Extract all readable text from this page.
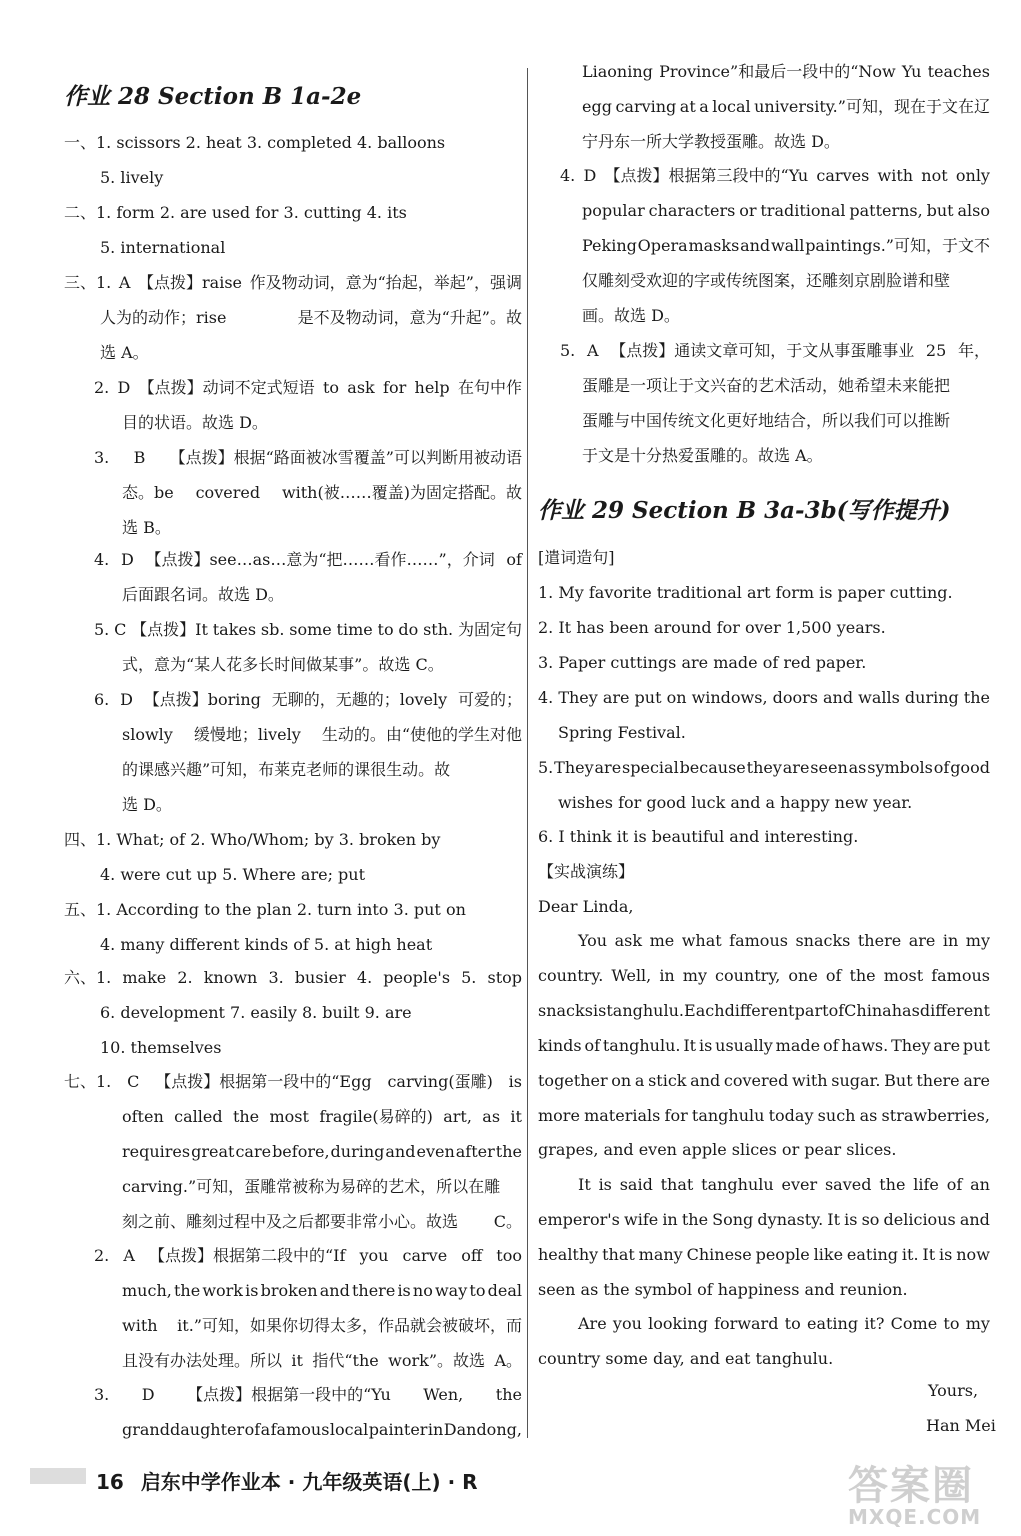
作业 28 Section B 1a-2e
一、1. scissors 2. heat 3. completed 4. balloons
5. lively
二、1. form 2. are used for 3. cutting 4. its
5. international
三、1. A 【点拨】raise 作及物动词，意为“抬起，举起”，强调
人为的动作；rise	是不及物动词，意为“升起”。故
选 A。
2. D 【点拨】动词不定式短语 to ask for help 在句中作
目的状语。故选 D。
3. B 【点拨】根据“路面被冰雪覆盖”可以判断用被动语
态。be covered with(被……覆盖)为固定搭配。故
选 B。
4. D 【点拨】see…as…意为“把……看作……”，介词 of
后面跟名词。故选 D。
5. C 【点拨】It takes sb. some time to do sth. 为固定句
式，意为“某人花多长时间做某事”。故选 C。
6. D 【点拨】boring 无聊的，无趣的；lovely 可爱的；
slowly 缓慢地；lively 生动的。由“使他的学生对他
的课感兴趣”可知，布莱克老师的课很生动。故
选 D。
四、1. What; of 2. Who/Whom; by 3. broken by
4. were cut up 5. Where are; put
五、1. According to the plan 2. turn into 3. put on
4. many different kinds of 5. at high heat
六、1. make 2. known 3. busier 4. people's 5. stop
6. development 7. easily 8. built 9. are
10. themselves
七、1. C 【点拨】根据第一段中的“Egg carving(蛋雕) is
often called the most fragile(易碎的) art, as it
requires great care before, during and even after the
carving.”可知，蛋雕常被称为易碎的艺术，所以在雕
刻之前、雕刻过程中及之后都要非常小心。故选 C。
2. A 【点拨】根据第二段中的“If you carve off too
much, the work is broken and there is no way to deal
with it.”可知，如果你切得太多，作品就会被破坏，而
且没有办法处理。所以 it 指代“the work”。故选 A。
3. D 【点拨】根据第一段中的“Yu Wen, the
granddaughter of a famous local painter in Dandong,
Liaoning Province”和最后一段中的“Now Yu teaches
egg carving at a local university.”可知，现在于文在辽
宁丹东一所大学教授蛋雕。故选 D。
4. D 【点拨】根据第三段中的“Yu carves with not only
popular characters or traditional patterns, but also
Peking Opera masks and wall paintings.”可知，于文不
仅雕刻受欢迎的字或传统图案，还雕刻京剧脸谱和壁
画。故选 D。
5. A 【点拨】通读文章可知，于文从事蛋雕事业 25 年，
蛋雕是一项让于文兴奋的艺术活动，她希望未来能把
蛋雕与中国传统文化更好地结合，所以我们可以推断
于文是十分热爱蛋雕的。故选 A。
作业 29 Section B 3a-3b(写作提升)
[遣词造句]
1. My favorite traditional art form is paper cutting.
2. It has been around for over 1,500 years.
3. Paper cuttings are made of red paper.
4. They are put on windows, doors and walls during the
Spring Festival.
5. They are special because they are seen as symbols of good
wishes for good luck and a happy new year.
6. I think it is beautiful and interesting.
【实战演练】
Dear Linda,
You ask me what famous snacks there are in my
country. Well, in my country, one of the most famous
snacks is tanghulu. Each different part of China has different
kinds of tanghulu. It is usually made of haws. They are put
together on a stick and covered with sugar. But there are
more materials for tanghulu today such as strawberries,
grapes, and even apple slices or pear slices.
It is said that tanghulu ever saved the life of an
emperor's wife in the Song dynasty. It is so delicious and
healthy that many Chinese people like eating it. It is now
seen as the symbol of happiness and reunion.
Are you looking forward to eating it? Come to my
country some day, and eat tanghulu.
Yours,
Han Mei
16 启东中学作业本 · 九年级英语(上) · R	答案圈
MXQE.COM
